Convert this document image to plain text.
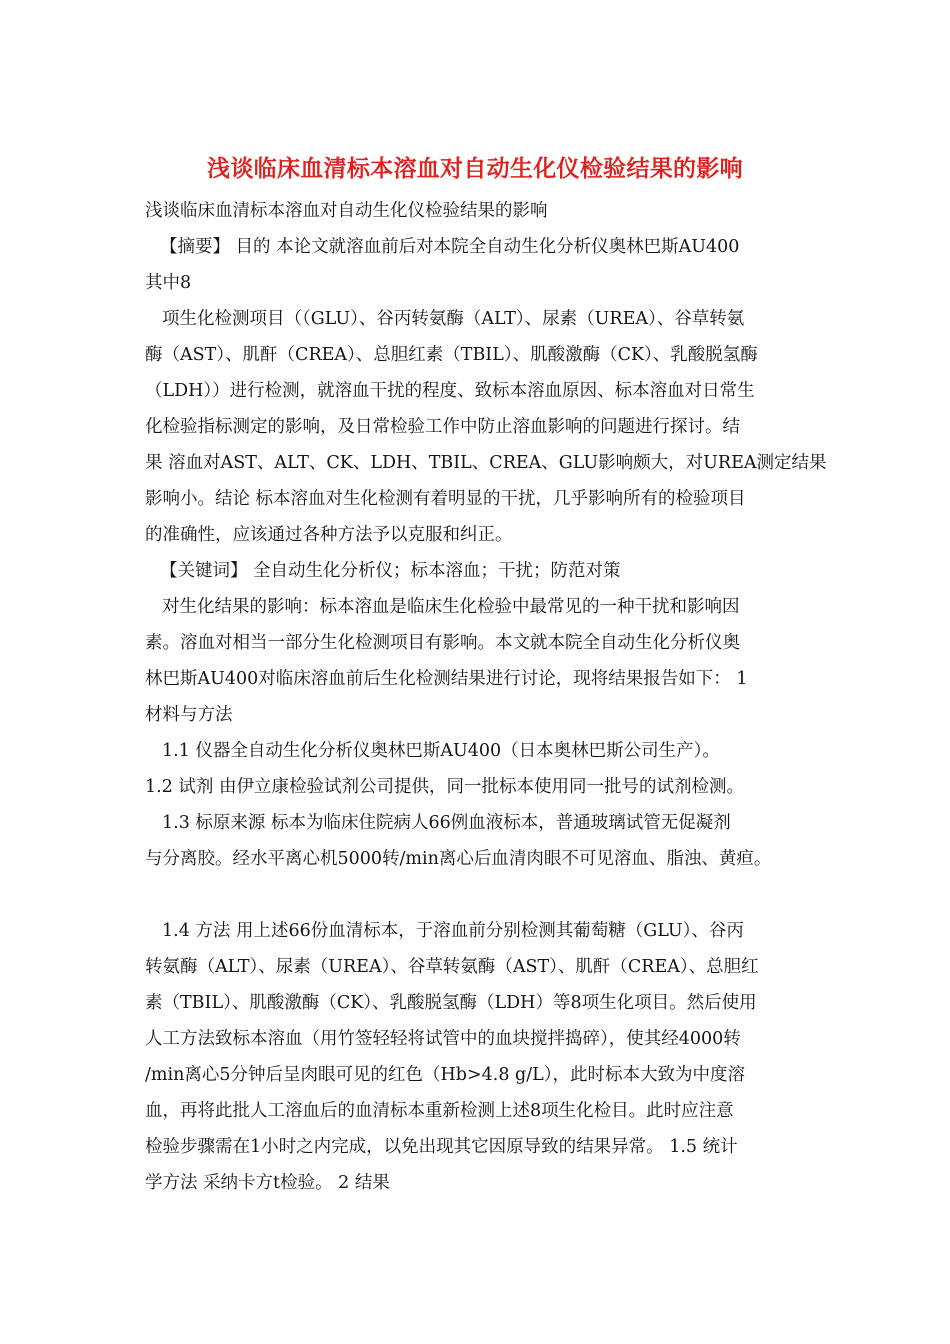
浅谈临床血清标本溶血对自动生化仪检验结果的影响
浅谈临床血清标本溶血对自动生化仪检验结果的影响
【摘要】 目的 本论文就溶血前后对本院全自动生化分析仪奥林巴斯AU400
其中8
项生化检测项目（（GLU）、谷丙转氨酶（ALT）、尿素（UREA）、谷草转氨
酶（AST）、肌酐（CREA）、总胆红素（TBIL）、肌酸激酶（CK）、乳酸脱氢酶
（LDH））进行检测，就溶血干扰的程度、致标本溶血原因、标本溶血对日常生
化检验指标测定的影响，及日常检验工作中防止溶血影响的问题进行探讨。结
果 溶血对AST、ALT、CK、LDH、TBIL、CREA、GLU影响颇大，对UREA测定结果
影响小。结论 标本溶血对生化检测有着明显的干扰，几乎影响所有的检验项目
的准确性，应该通过各种方法予以克服和纠正。
【关键词】 全自动生化分析仪；标本溶血；干扰；防范对策
对生化结果的影响：标本溶血是临床生化检验中最常见的一种干扰和影响因
素。溶血对相当一部分生化检测项目有影响。本文就本院全自动生化分析仪奥
林巴斯AU400对临床溶血前后生化检测结果进行讨论，现将结果报告如下： 1
材料与方法
1.1 仪器全自动生化分析仪奥林巴斯AU400（日本奥林巴斯公司生产）。
1.2 试剂 由伊立康检验试剂公司提供，同一批标本使用同一批号的试剂检测。
1.3 标原来源 标本为临床住院病人66例血液标本，普通玻璃试管无促凝剂
与分离胶。经水平离心机5000转/min离心后血清肉眼不可见溶血、脂浊、黄疸。
1.4 方法 用上述66份血清标本，于溶血前分别检测其葡萄糖（GLU）、谷丙
转氨酶（ALT）、尿素（UREA）、谷草转氨酶（AST）、肌酐（CREA）、总胆红
素（TBIL）、肌酸激酶（CK）、乳酸脱氢酶（LDH）等8项生化项目。然后使用
人工方法致标本溶血（用竹签轻轻将试管中的血块搅拌捣碎），使其经4000转
/min离心5分钟后呈肉眼可见的红色（Hb>4.8 g/L），此时标本大致为中度溶
血，再将此批人工溶血后的血清标本重新检测上述8项生化检目。此时应注意
检验步骤需在1小时之内完成，以免出现其它因原导致的结果异常。 1.5 统计
学方法 采纳卡方t检验。 2 结果
